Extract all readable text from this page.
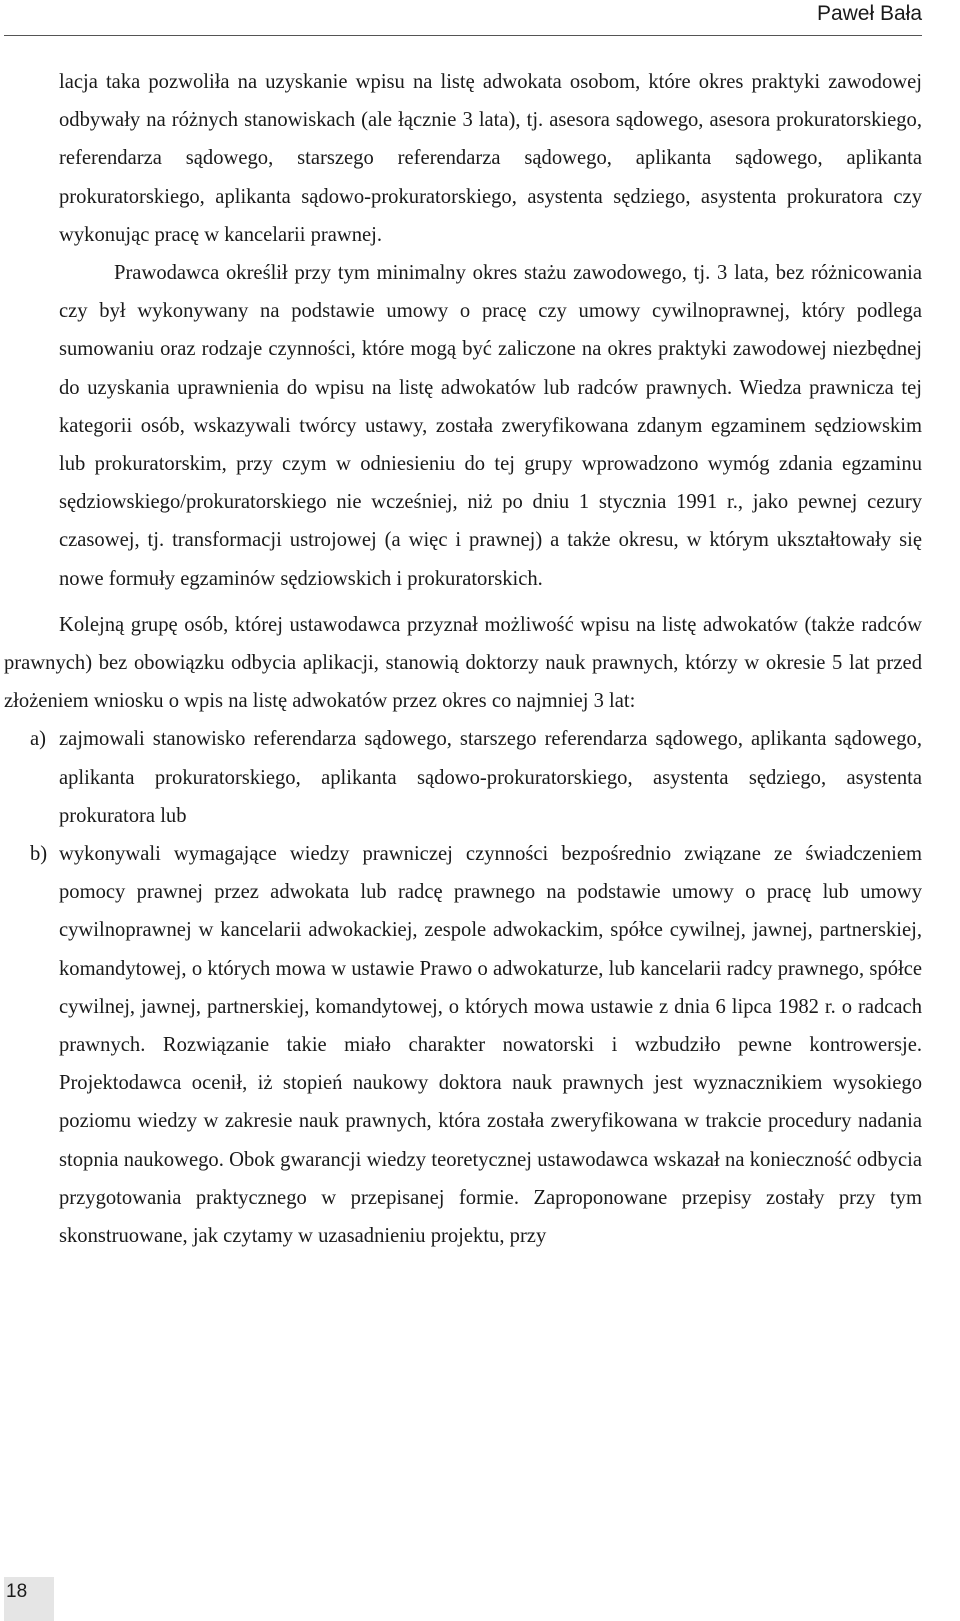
Paweł Bała

lacja taka pozwoliła na uzyskanie wpisu na listę adwokata osobom, które okres praktyki zawodowej odbywały na różnych stanowiskach (ale łącznie 3 lata), tj. asesora sądowego, asesora prokuratorskiego, referendarza sądowego, starszego referendarza sądowego, aplikanta sądowego, aplikanta prokuratorskiego, aplikanta sądowo-prokuratorskiego, asystenta sędziego, asystenta prokuratora czy wykonując pracę w kancelarii prawnej.

Prawodawca określił przy tym minimalny okres stażu zawodowego, tj. 3 lata, bez różnicowania czy był wykonywany na podstawie umowy o pracę czy umowy cywilnoprawnej, który podlega sumowaniu oraz rodzaje czynności, które mogą być zaliczone na okres praktyki zawodowej niezbędnej do uzyskania uprawnienia do wpisu na listę adwokatów lub radców prawnych. Wiedza prawnicza tej kategorii osób, wskazywali twórcy ustawy, została zweryfikowana zdanym egzaminem sędziowskim lub prokuratorskim, przy czym w odniesieniu do tej grupy wprowadzono wymóg zdania egzaminu sędziowskiego/prokuratorskiego nie wcześniej, niż po dniu 1 stycznia 1991 r., jako pewnej cezury czasowej, tj. transformacji ustrojowej (a więc i prawnej) a także okresu, w którym ukształtowały się nowe formuły egzaminów sędziowskich i prokuratorskich.

Kolejną grupę osób, której ustawodawca przyznał możliwość wpisu na listę adwokatów (także radców prawnych) bez obowiązku odbycia aplikacji, stanowią doktorzy nauk prawnych, którzy w okresie 5 lat przed złożeniem wniosku o wpis na listę adwokatów przez okres co najmniej 3 lat:

a) zajmowali stanowisko referendarza sądowego, starszego referendarza sądowego, aplikanta sądowego, aplikanta prokuratorskiego, aplikanta sądowo-prokuratorskiego, asystenta sędziego, asystenta prokuratora lub
b) wykonywali wymagające wiedzy prawniczej czynności bezpośrednio związane ze świadczeniem pomocy prawnej przez adwokata lub radcę prawnego na podstawie umowy o pracę lub umowy cywilnoprawnej w kancelarii adwokackiej, zespole adwokackim, spółce cywilnej, jawnej, partnerskiej, komandytowej, o których mowa w ustawie Prawo o adwokaturze, lub kancelarii radcy prawnego, spółce cywilnej, jawnej, partnerskiej, komandytowej, o których mowa ustawie z dnia 6 lipca 1982 r. o radcach prawnych. Rozwiązanie takie miało charakter nowatorski i wzbudziło pewne kontrowersje. Projektodawca ocenił, iż stopień naukowy doktora nauk prawnych jest wyznacznikiem wysokiego poziomu wiedzy w zakresie nauk prawnych, która została zweryfikowana w trakcie procedury nadania stopnia naukowego. Obok gwarancji wiedzy teoretycznej ustawodawca wskazał na konieczność odbycia przygotowania praktycznego w przepisanej formie. Zaproponowane przepisy zostały przy tym skonstruowane, jak czytamy w uzasadnieniu projektu, przy
18
